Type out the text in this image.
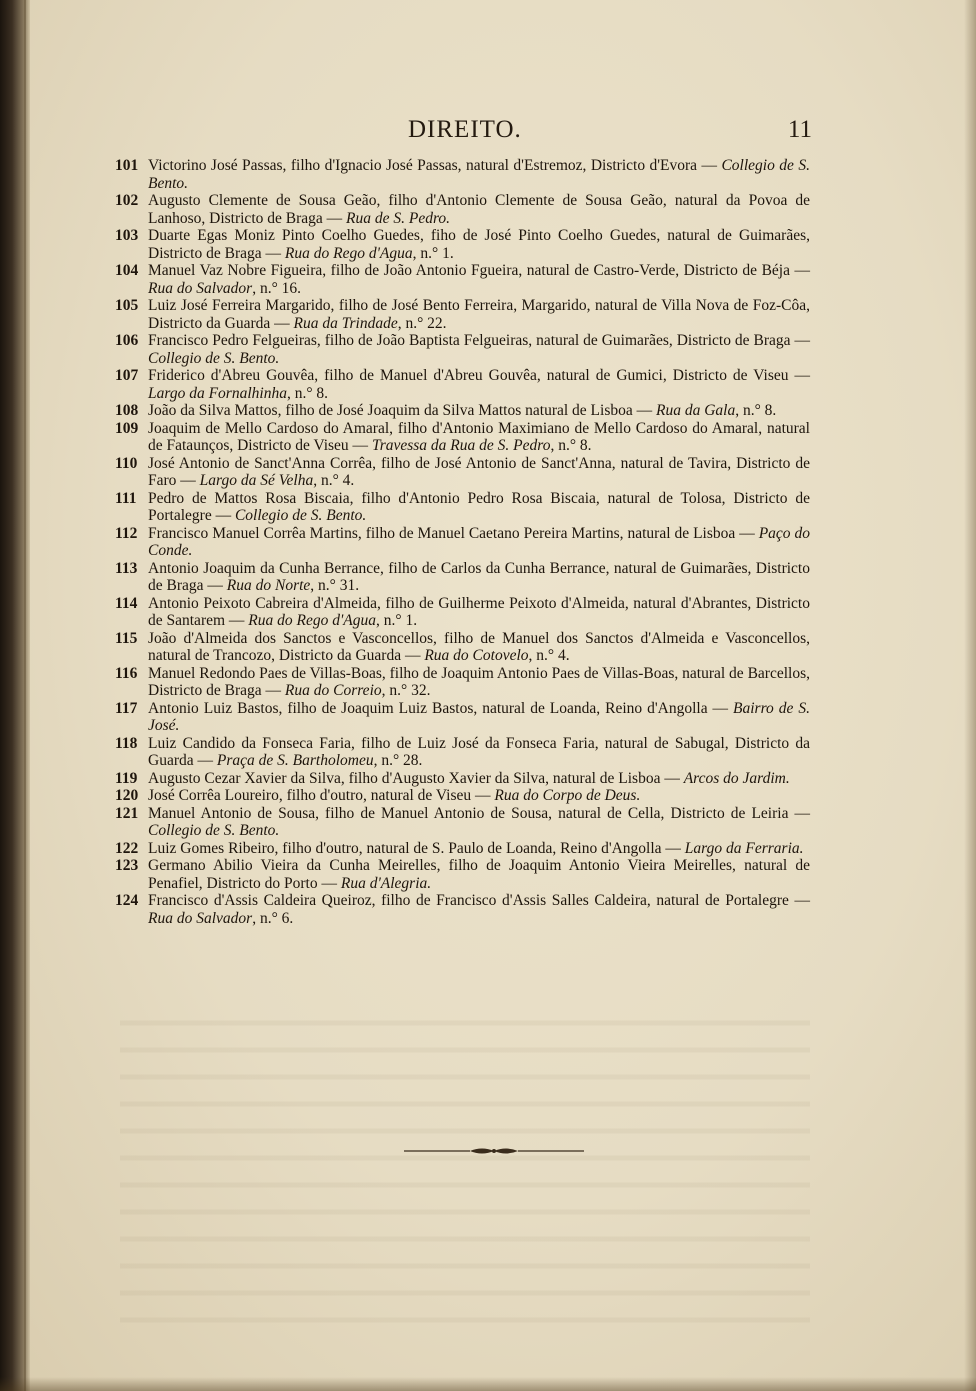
DIREITO.	11
101 Victorino José Passas, filho d'Ignacio José Passas, natural d'Estremoz, Districto d'Evora — Collegio de S. Bento.
102 Augusto Clemente de Sousa Geão, filho d'Antonio Clemente de Sousa Geão, natural da Povoa de Lanhoso, Districto de Braga — Rua de S. Pedro.
103 Duarte Egas Moniz Pinto Coelho Guedes, fiho de José Pinto Coelho Guedes, natural de Guimarães, Districto de Braga — Rua do Rego d'Agua, n.° 1.
104 Manuel Vaz Nobre Figueira, filho de João Antonio Fgueira, natural de Castro-Verde, Districto de Béja — Rua do Salvador, n.° 16.
105 Luiz José Ferreira Margarido, filho de José Bento Ferreira, Margarido, natural de Villa Nova de Foz-Côa, Districto da Guarda — Rua da Trindade, n.° 22.
106 Francisco Pedro Felgueiras, filho de João Baptista Felgueiras, natural de Guimarães, Districto de Braga — Collegio de S. Bento.
107 Friderico d'Abreu Gouvêa, filho de Manuel d'Abreu Gouvêa, natural de Gumici, Districto de Viseu — Largo da Fornalhinha, n.° 8.
108 João da Silva Mattos, filho de José Joaquim da Silva Mattos natural de Lisboa — Rua da Gala, n.° 8.
109 Joaquim de Mello Cardoso do Amaral, filho d'Antonio Maximiano de Mello Cardoso do Amaral, natural de Fataunços, Districto de Viseu — Travessa da Rua de S. Pedro, n.° 8.
110 José Antonio de Sanct'Anna Corrêa, filho de José Antonio de Sanct'Anna, natural de Tavira, Districto de Faro — Largo da Sé Velha, n.° 4.
111 Pedro de Mattos Rosa Biscaia, filho d'Antonio Pedro Rosa Biscaia, natural de Tolosa, Districto de Portalegre — Collegio de S. Bento.
112 Francisco Manuel Corrêa Martins, filho de Manuel Caetano Pereira Martins, natural de Lisboa — Paço do Conde.
113 Antonio Joaquim da Cunha Berrance, filho de Carlos da Cunha Berrance, natural de Guimarães, Districto de Braga — Rua do Norte, n.° 31.
114 Antonio Peixoto Cabreira d'Almeida, filho de Guilherme Peixoto d'Almeida, natural d'Abrantes, Districto de Santarem — Rua do Rego d'Agua, n.° 1.
115 João d'Almeida dos Sanctos e Vasconcellos, filho de Manuel dos Sanctos d'Almeida e Vasconcellos, natural de Trancozo, Districto da Guarda — Rua do Cotovelo, n.° 4.
116 Manuel Redondo Paes de Villas-Boas, filho de Joaquim Antonio Paes de Villas-Boas, natural de Barcellos, Districto de Braga — Rua do Correio, n.° 32.
117 Antonio Luiz Bastos, filho de Joaquim Luiz Bastos, natural de Loanda, Reino d'Angolla — Bairro de S. José.
118 Luiz Candido da Fonseca Faria, filho de Luiz José da Fonseca Faria, natural de Sabugal, Districto da Guarda — Praça de S. Bartholomeu, n.° 28.
119 Augusto Cezar Xavier da Silva, filho d'Augusto Xavier da Silva, natural de Lisboa — Arcos do Jardim.
120 José Corrêa Loureiro, filho d'outro, natural de Viseu — Rua do Corpo de Deus.
121 Manuel Antonio de Sousa, filho de Manuel Antonio de Sousa, natural de Cella, Districto de Leiria — Collegio de S. Bento.
122 Luiz Gomes Ribeiro, filho d'outro, natural de S. Paulo de Loanda, Reino d'Angolla — Largo da Ferraria.
123 Germano Abilio Vieira da Cunha Meirelles, filho de Joaquim Antonio Vieira Meirelles, natural de Penafiel, Districto do Porto — Rua d'Alegria.
124 Francisco d'Assis Caldeira Queiroz, filho de Francisco d'Assis Salles Caldeira, natural de Portalegre — Rua do Salvador, n.° 6.
